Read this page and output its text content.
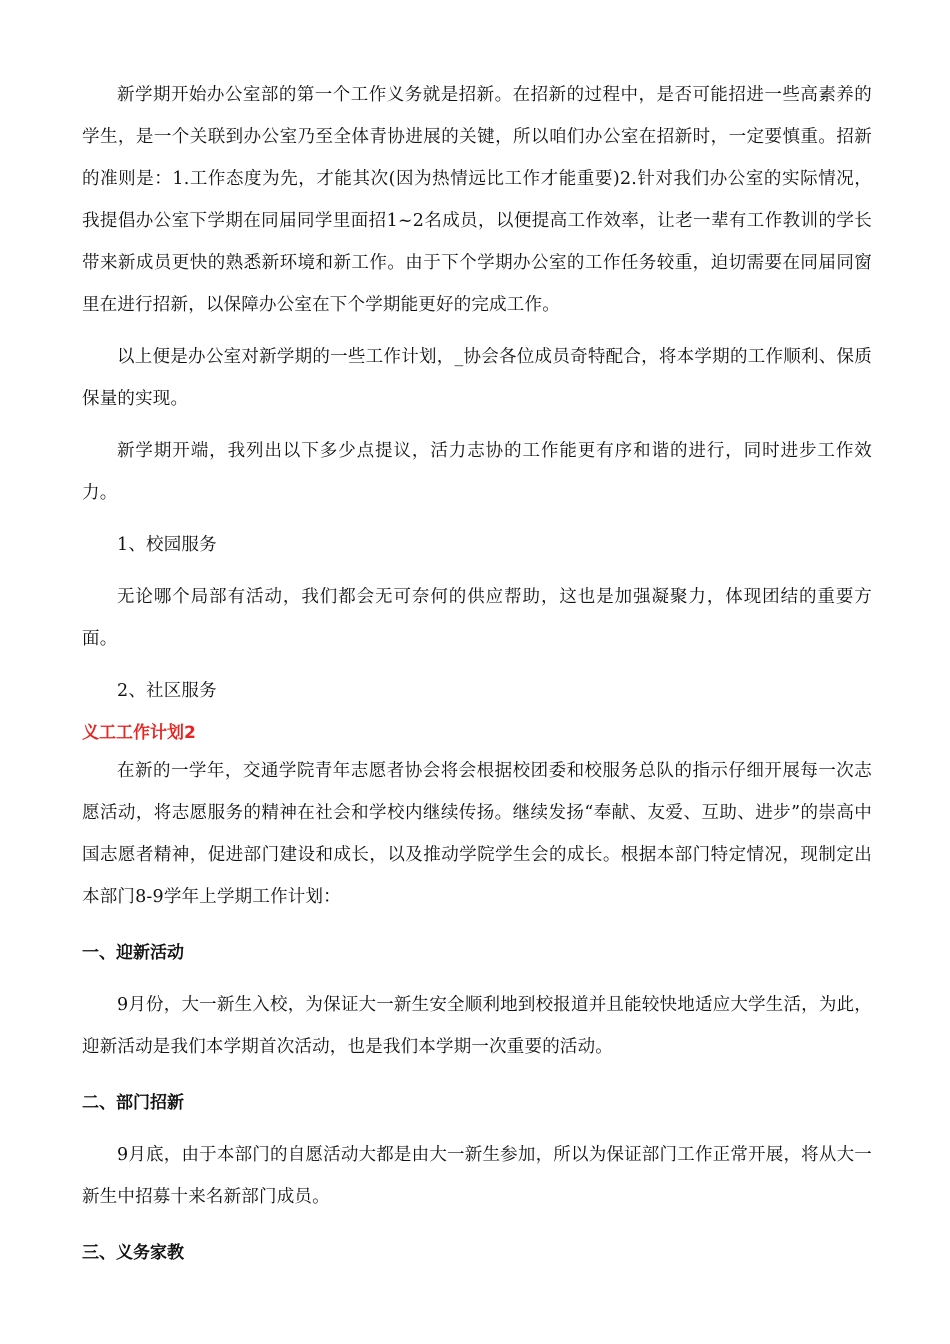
新学期开始办公室部的第一个工作义务就是招新。在招新的过程中，是否可能招进一些高素养的学生，是一个关联到办公室乃至全体青协进展的关键，所以咱们办公室在招新时，一定要慎重。招新的准则是：1.工作态度为先，才能其次(因为热情远比工作才能重要)2.针对我们办公室的实际情况，我提倡办公室下学期在同届同学里面招1~2名成员，以便提高工作效率，让老一辈有工作教训的学长带来新成员更快的熟悉新环境和新工作。由于下个学期办公室的工作任务较重，迫切需要在同届同窗里在进行招新，以保障办公室在下个学期能更好的完成工作。

以上便是办公室对新学期的一些工作计划，_协会各位成员奇特配合，将本学期的工作顺利、保质保量的实现。

新学期开端，我列出以下多少点提议，活力志协的工作能更有序和谐的进行，同时进步工作效力。

1、校园服务

无论哪个局部有活动，我们都会无可奈何的供应帮助，这也是加强凝聚力，体现团结的重要方面。

2、社区服务

义工工作计划2

在新的一学年，交通学院青年志愿者协会将会根据校团委和校服务总队的指示仔细开展每一次志愿活动，将志愿服务的精神在社会和学校内继续传扬。继续发扬“奉献、友爱、互助、进步”的崇高中国志愿者精神，促进部门建设和成长，以及推动学院学生会的成长。根据本部门特定情况，现制定出本部门8-9学年上学期工作计划：

一、迎新活动

9月份，大一新生入校，为保证大一新生安全顺利地到校报道并且能较快地适应大学生活，为此，迎新活动是我们本学期首次活动，也是我们本学期一次重要的活动。

二、部门招新

9月底，由于本部门的自愿活动大都是由大一新生参加，所以为保证部门工作正常开展，将从大一新生中招募十来名新部门成员。

三、义务家教
